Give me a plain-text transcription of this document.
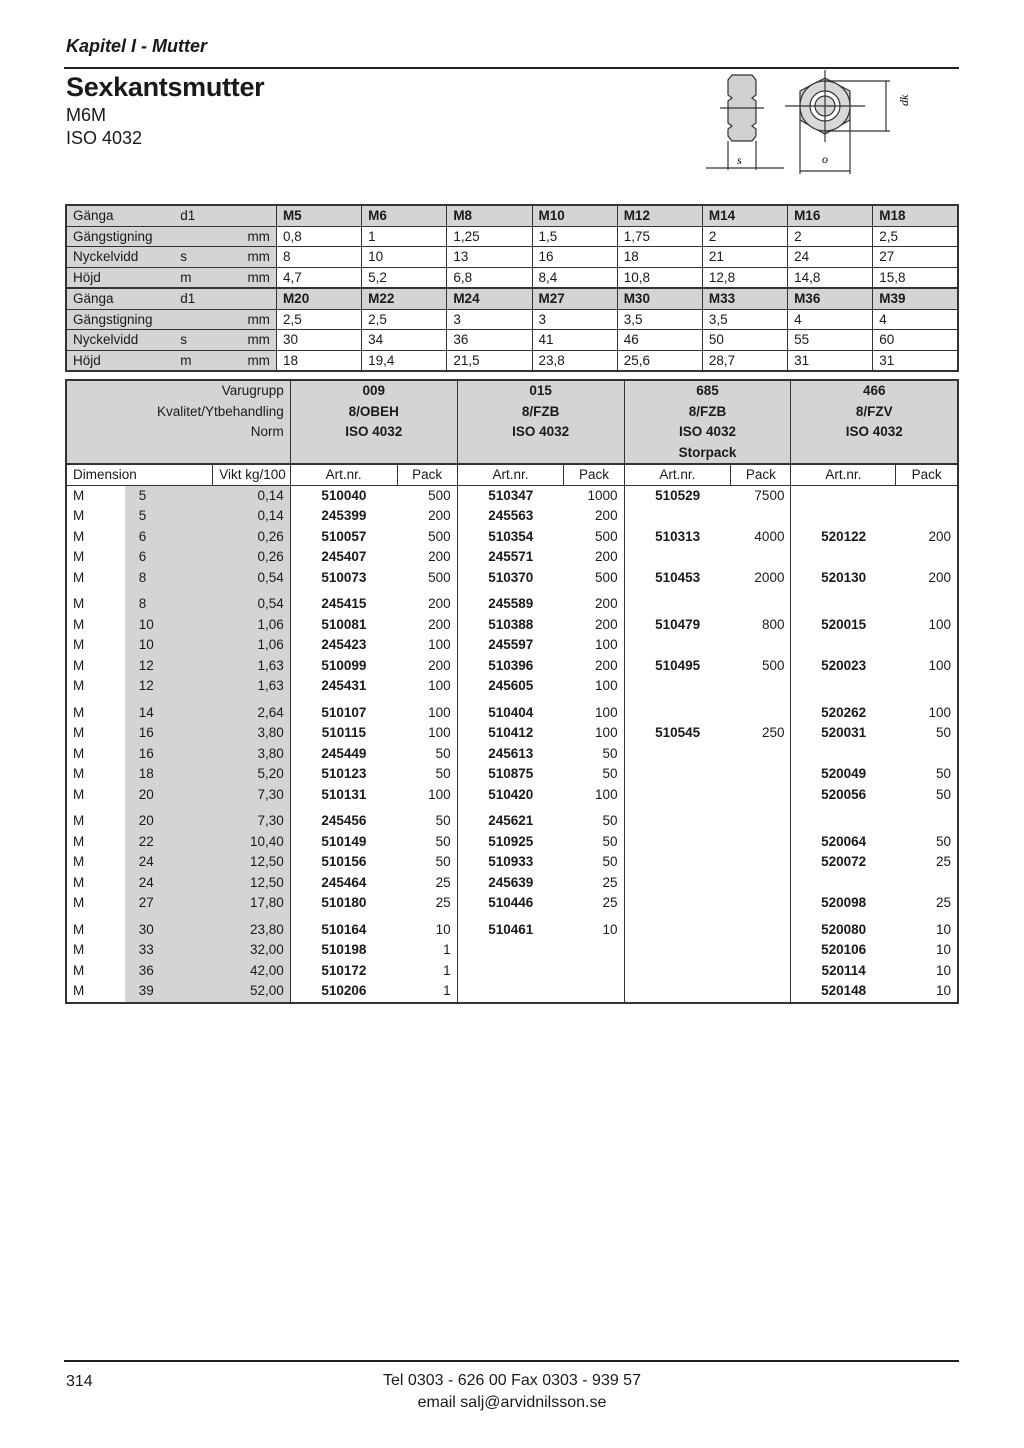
Kapitel I - Mutter
Sexkantsmutter
M6M
ISO 4032
s	o
dk
Gänga	d1		M5	M6	M8	M10	M12	M14	M16	M18
Gängstigning		mm	0,8	1	1,25	1,5	1,75	2	2	2,5
Nyckelvidd	s	mm	8	10	13	16	18	21	24	27
Höjd	m	mm	4,7	5,2	6,8	8,4	10,8	12,8	14,8	15,8
Gänga	d1		M20	M22	M24	M27	M30	M33	M36	M39
Gängstigning		mm	2,5	2,5	3	3	3,5	3,5	4	4
Nyckelvidd	s	mm	30	34	36	41	46	50	55	60
Höjd	m	mm	18	19,4	21,5	23,8	25,6	28,7	31	31
Varugrupp			009		015		685		466	
Kvalitet/Ytbehandling			8/OBEH		8/FZB		8/FZB		8/FZV	
Norm			ISO 4032		ISO 4032		ISO 4032		ISO 4032	
							Storpack			
Dimension		Vikt kg/100	Art.nr.	Pack	Art.nr.	Pack	Art.nr.	Pack	Art.nr.	Pack
M	5	0,14	510040	500	510347	1000	510529	7500		
M	5	0,14	245399	200	245563	200				
M	6	0,26	510057	500	510354	500	510313	4000	520122	200
M	6	0,26	245407	200	245571	200				
M	8	0,54	510073	500	510370	500	510453	2000	520130	200
M	8	0,54	245415	200	245589	200				
M	10	1,06	510081	200	510388	200	510479	800	520015	100
M	10	1,06	245423	100	245597	100				
M	12	1,63	510099	200	510396	200	510495	500	520023	100
M	12	1,63	245431	100	245605	100				
M	14	2,64	510107	100	510404	100			520262	100
M	16	3,80	510115	100	510412	100	510545	250	520031	50
M	16	3,80	245449	50	245613	50				
M	18	5,20	510123	50	510875	50			520049	50
M	20	7,30	510131	100	510420	100			520056	50
M	20	7,30	245456	50	245621	50				
M	22	10,40	510149	50	510925	50			520064	50
M	24	12,50	510156	50	510933	50			520072	25
M	24	12,50	245464	25	245639	25				
M	27	17,80	510180	25	510446	25			520098	25
M	30	23,80	510164	10	510461	10			520080	10
M	33	32,00	510198	1					520106	10
M	36	42,00	510172	1					520114	10
M	39	52,00	510206	1					520148	10
314	Tel 0303 - 626 00 Fax 0303 - 939 57
email salj@arvidnilsson.se
